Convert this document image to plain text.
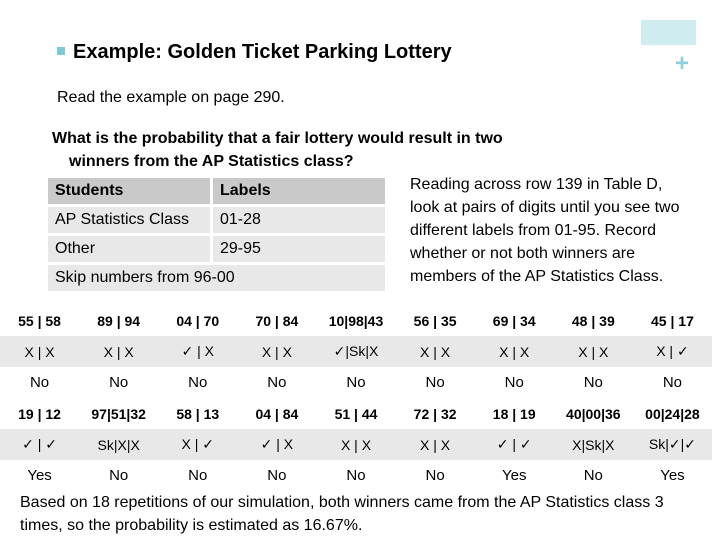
+
Example: Golden Ticket Parking Lottery
Read the example on page 290.
What is the probability that a fair lottery would result in two
winners from the AP Statistics class?
Students	Labels
AP Statistics Class	01-28
Other	29-95
Skip numbers from 96-00	
Reading across row 139 in Table D, look at pairs of digits until you see two different labels from 01-95. Record whether or not both winners are members of the AP Statistics Class.
55 | 58	89 | 94	04 | 70	70 | 84	10|98|43	56 | 35	69 | 34	48 | 39	45 | 17
X | X	X | X	✓ | X	X | X	✓|Sk|X	X | X	X | X	X | X	X | ✓
No	No	No	No	No	No	No	No	No
19 | 12	97|51|32	58 | 13	04 | 84	51 | 44	72 | 32	18 | 19	40|00|36	00|24|28
✓ | ✓	Sk|X|X	X | ✓	✓ | X	X | X	X | X	✓ | ✓	X|Sk|X	Sk|✓|✓
Yes	No	No	No	No	No	Yes	No	Yes
Based on 18 repetitions of our simulation, both winners came from the AP Statistics class 3 times, so the probability is estimated as 16.67%.
